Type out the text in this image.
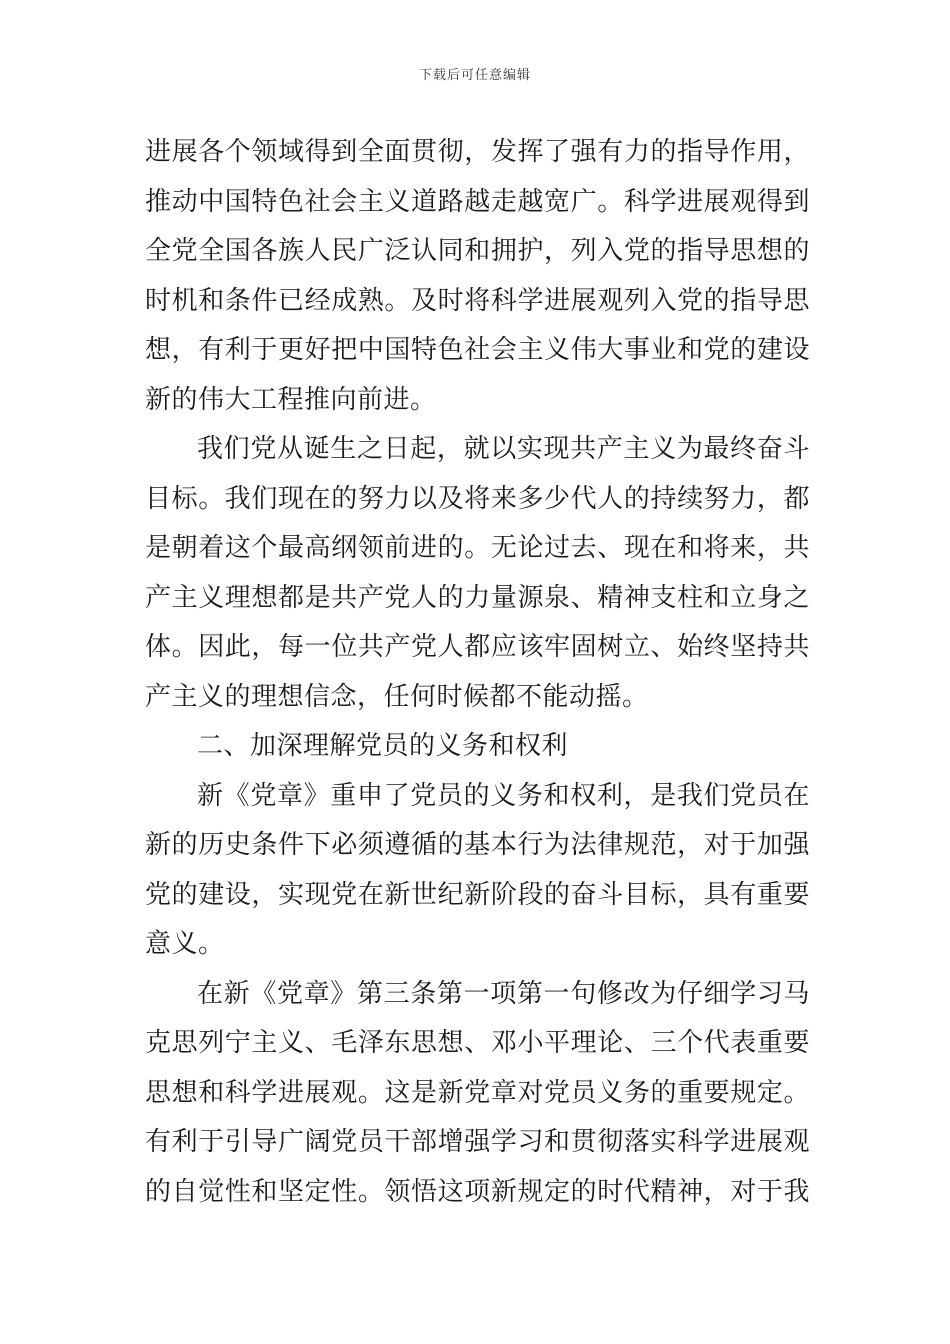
下载后可任意编辑
进展各个领域得到全面贯彻，发挥了强有力的指导作用，
推动中国特色社会主义道路越走越宽广。科学进展观得到
全党全国各族人民广泛认同和拥护，列入党的指导思想的
时机和条件已经成熟。及时将科学进展观列入党的指导思
想，有利于更好把中国特色社会主义伟大事业和党的建设
新的伟大工程推向前进。
我们党从诞生之日起，就以实现共产主义为最终奋斗
目标。我们现在的努力以及将来多少代人的持续努力，都
是朝着这个最高纲领前进的。无论过去、现在和将来，共
产主义理想都是共产党人的力量源泉、精神支柱和立身之
体。因此，每一位共产党人都应该牢固树立、始终坚持共
产主义的理想信念，任何时候都不能动摇。
二、加深理解党员的义务和权利
新《党章》重申了党员的义务和权利，是我们党员在
新的历史条件下必须遵循的基本行为法律规范，对于加强
党的建设，实现党在新世纪新阶段的奋斗目标，具有重要
意义。
在新《党章》第三条第一项第一句修改为仔细学习马
克思列宁主义、毛泽东思想、邓小平理论、三个代表重要
思想和科学进展观。这是新党章对党员义务的重要规定。
有利于引导广阔党员干部增强学习和贯彻落实科学进展观
的自觉性和坚定性。领悟这项新规定的时代精神，对于我
